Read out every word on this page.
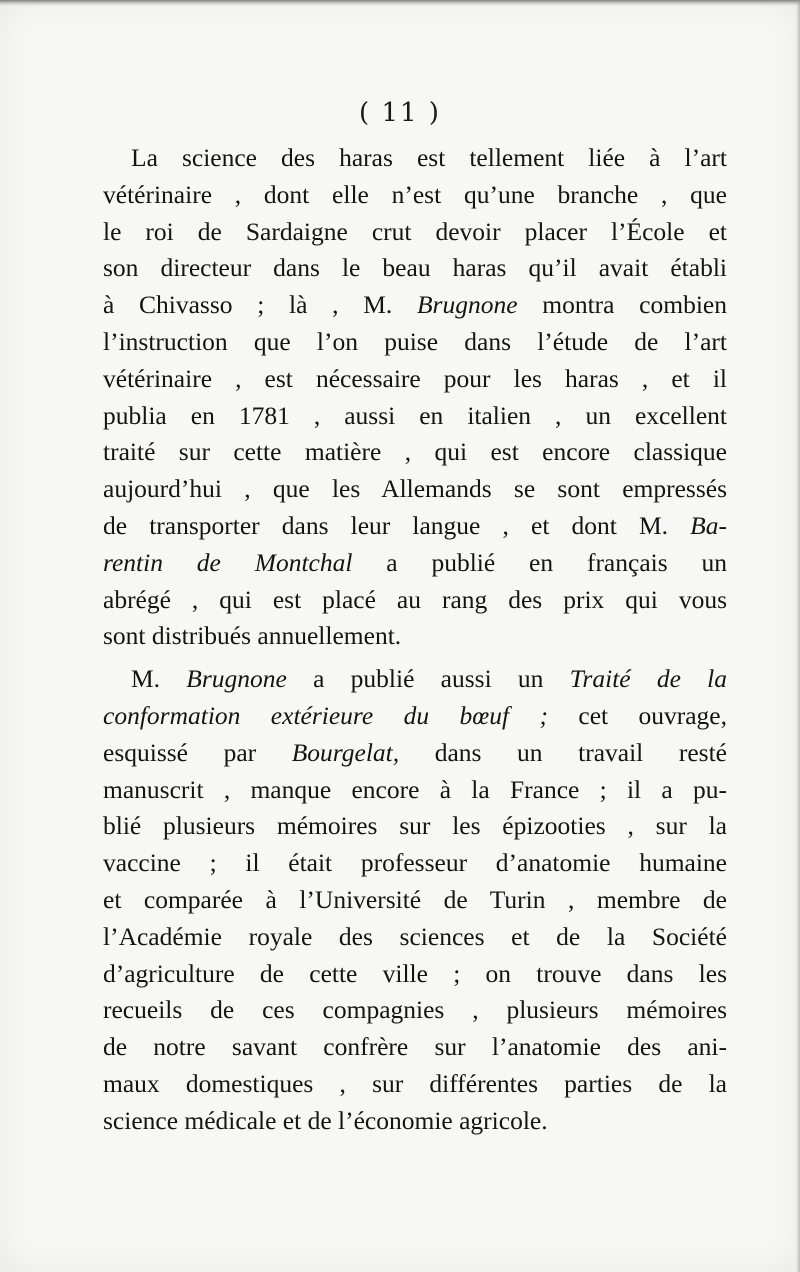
( 11 )
La science des haras est tellement liée à l’art
vétérinaire , dont elle n’est qu’une branche , que
le roi de Sardaigne crut devoir placer l’École et
son directeur dans le beau haras qu’il avait établi
à Chivasso ; là , M. Brugnone montra combien
l’instruction que l’on puise dans l’étude de l’art
vétérinaire , est nécessaire pour les haras , et il
publia en 1781 , aussi en italien , un excellent
traité sur cette matière , qui est encore classique
aujourd’hui , que les Allemands se sont empressés
de transporter dans leur langue , et dont M. Ba-
rentin de Montchal a publié en français un
abrégé , qui est placé au rang des prix qui vous
sont distribués annuellement.
M. Brugnone a publié aussi un Traité de la
conformation extérieure du bœuf ; cet ouvrage,
esquissé par Bourgelat, dans un travail resté
manuscrit , manque encore à la France ; il a pu-
blié plusieurs mémoires sur les épizooties , sur la
vaccine ; il était professeur d’anatomie humaine
et comparée à l’Université de Turin , membre de
l’Académie royale des sciences et de la Société
d’agriculture de cette ville ; on trouve dans les
recueils de ces compagnies , plusieurs mémoires
de notre savant confrère sur l’anatomie des ani-
maux domestiques , sur différentes parties de la
science médicale et de l’économie agricole.
